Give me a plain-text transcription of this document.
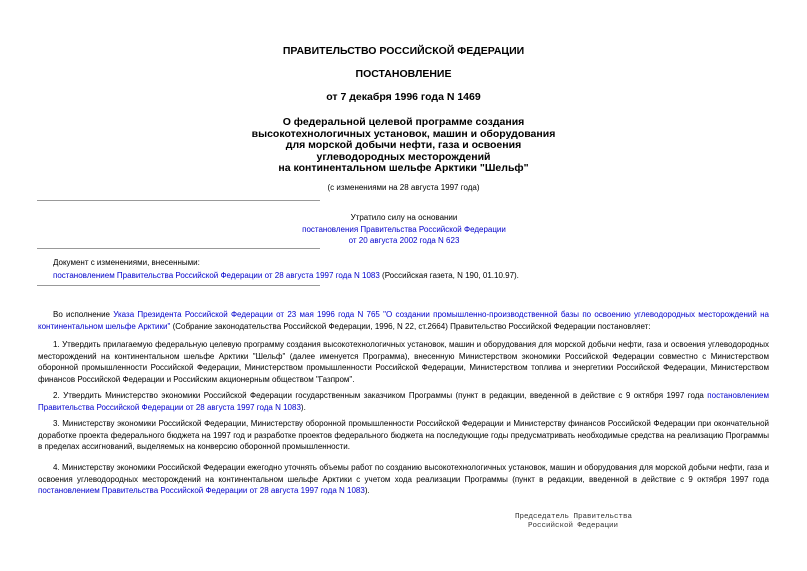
ПРАВИТЕЛЬСТВО РОССИЙСКОЙ ФЕДЕРАЦИИ
ПОСТАНОВЛЕНИЕ
от 7 декабря 1996 года N 1469
О федеральной целевой программе создания
высокотехнологичных установок, машин и оборудования
для морской добычи нефти, газа и освоения
углеводородных месторождений
на континентальном шельфе Арктики "Шельф"
(с изменениями на 28 августа 1997 года)
Утратило силу на основании
постановления Правительства Российской Федерации
от 20 августа 2002 года N 623
Документ с изменениями, внесенными:
постановлением Правительства Российской Федерации от 28 августа 1997 года N 1083 (Российская газета, N 190, 01.10.97).
Во исполнение Указа Президента Российской Федерации от 23 мая 1996 года N 765 "О создании промышленно-производственной базы по освоению углеводородных месторождений на континентальном шельфе Арктики" (Собрание законодательства Российской Федерации, 1996, N 22, ст.2664) Правительство Российской Федерации постановляет:
1. Утвердить прилагаемую федеральную целевую программу создания высокотехнологичных установок, машин и оборудования для морской добычи нефти, газа и освоения углеводородных месторождений на континентальном шельфе Арктики "Шельф" (далее именуется Программа), внесенную Министерством экономики Российской Федерации совместно с Министерством оборонной промышленности Российской Федерации, Министерством промышленности Российской Федерации, Министерством топлива и энергетики Российской Федерации, Министерством финансов Российской Федерации и Российским акционерным обществом "Газпром".
2. Утвердить Министерство экономики Российской Федерации государственным заказчиком Программы (пункт в редакции, введенной в действие с 9 октября 1997 года постановлением Правительства Российской Федерации от 28 августа 1997 года N 1083).
3. Министерству экономики Российской Федерации, Министерству оборонной промышленности Российской Федерации и Министерству финансов Российской Федерации при окончательной доработке проекта федерального бюджета на 1997 год и разработке проектов федерального бюджета на последующие годы предусматривать необходимые средства на реализацию Программы в пределах ассигнований, выделяемых на конверсию оборонной промышленности.
4. Министерству экономики Российской Федерации ежегодно уточнять объемы работ по созданию высокотехнологичных установок, машин и оборудования для морской добычи нефти, газа и освоения углеводородных месторождений на континентальном шельфе Арктики с учетом хода реализации Программы (пункт в редакции, введенной в действие с 9 октября 1997 года постановлением Правительства Российской Федерации от 28 августа 1997 года N 1083).
Председатель Правительства
Российской Федерации
